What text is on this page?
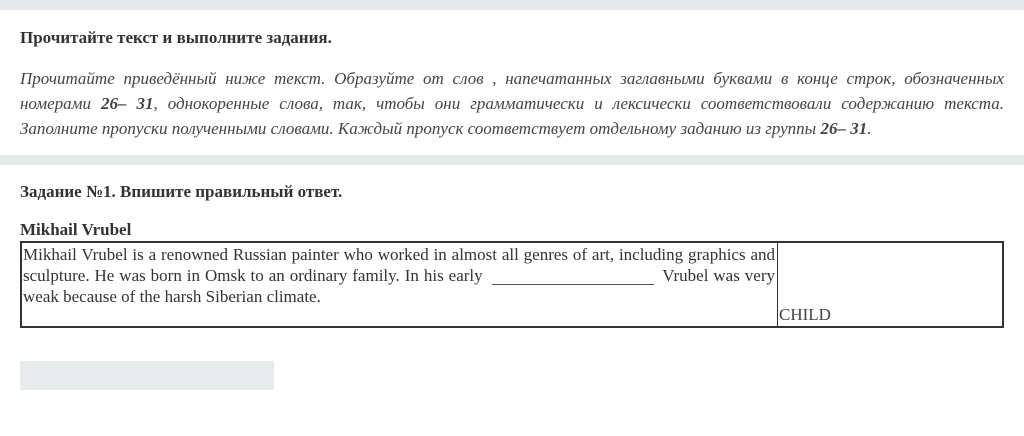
Прочитайте текст и выполните задания.
Прочитайте приведённый ниже текст. Образуйте от слов , напечатанных заглавными буквами в конце строк, обозначенных номерами 26– 31, однокоренные слова, так, чтобы они грамматически и лексически соответствовали содержанию текста. Заполните пропуски полученными словами. Каждый пропуск соответствует отдельному заданию из группы 26– 31.
Задание №1. Впишите правильный ответ.
Mikhail Vrubel
Mikhail Vrubel is a renowned Russian painter who worked in almost all genres of art, including graphics and sculpture. He was born in Omsk to an ordinary family. In his early	Vrubel was very weak because of the harsh Siberian climate.

CHILD
